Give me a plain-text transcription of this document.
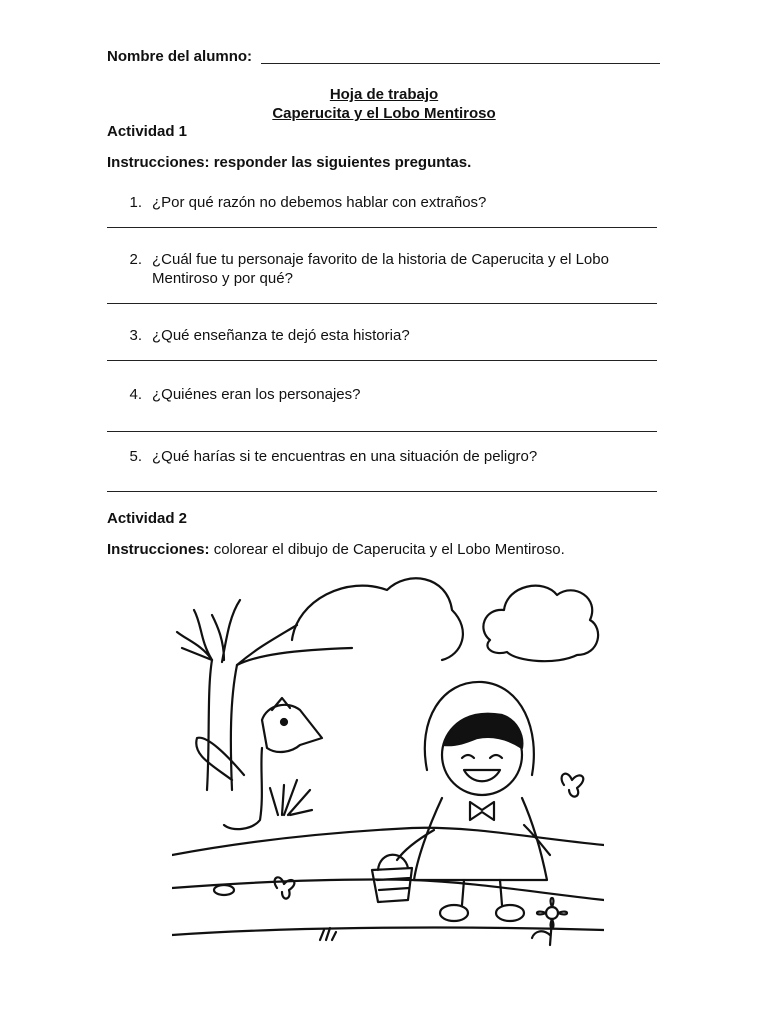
Nombre del alumno:
Hoja de trabajo
Caperucita y el Lobo Mentiroso
Actividad 1
Instrucciones: responder las siguientes preguntas.
1. ¿Por qué razón no debemos hablar con extraños?
2. ¿Cuál fue tu personaje favorito de la historia de Caperucita y el Lobo
Mentiroso y por qué?
3. ¿Qué enseñanza te dejó esta historia?
4. ¿Quiénes eran los personajes?
5. ¿Qué harías si te encuentras en una situación de peligro?
Actividad 2
Instrucciones: colorear el dibujo de Caperucita y el Lobo Mentiroso.
